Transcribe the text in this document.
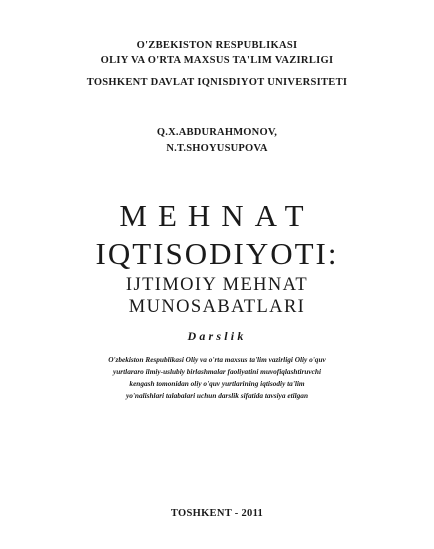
O'ZBEKISTON RESPUBLIKASI
OLIY VA O'RTA MAXSUS TA'LIM VAZIRLIGI
TOSHKENT DAVLAT IQNISDIYOT UNIVERSITETI
Q.X.ABDURAHMONOV,
N.T.SHOYUSUPOVA
MEHNAT
IQTISODIYOTI:
IJTIMOIY MEHNAT
MUNOSABATLARI
Darslik
O'zbekiston Respublikasi Oliy va o'rta maxsus ta'lim vazirligi Oliy o'quv
yurtlararo ilmiy-uslubiy birlashmalar faoliyatini muvofiqlashtiruvchi
kengash tomonidan oliy o'quv yurtlarining iqtisodiy ta'lim
yo'nalishlari talabalari uchun darslik sifatida tavsiya etilgan
TOSHKENT - 2011
